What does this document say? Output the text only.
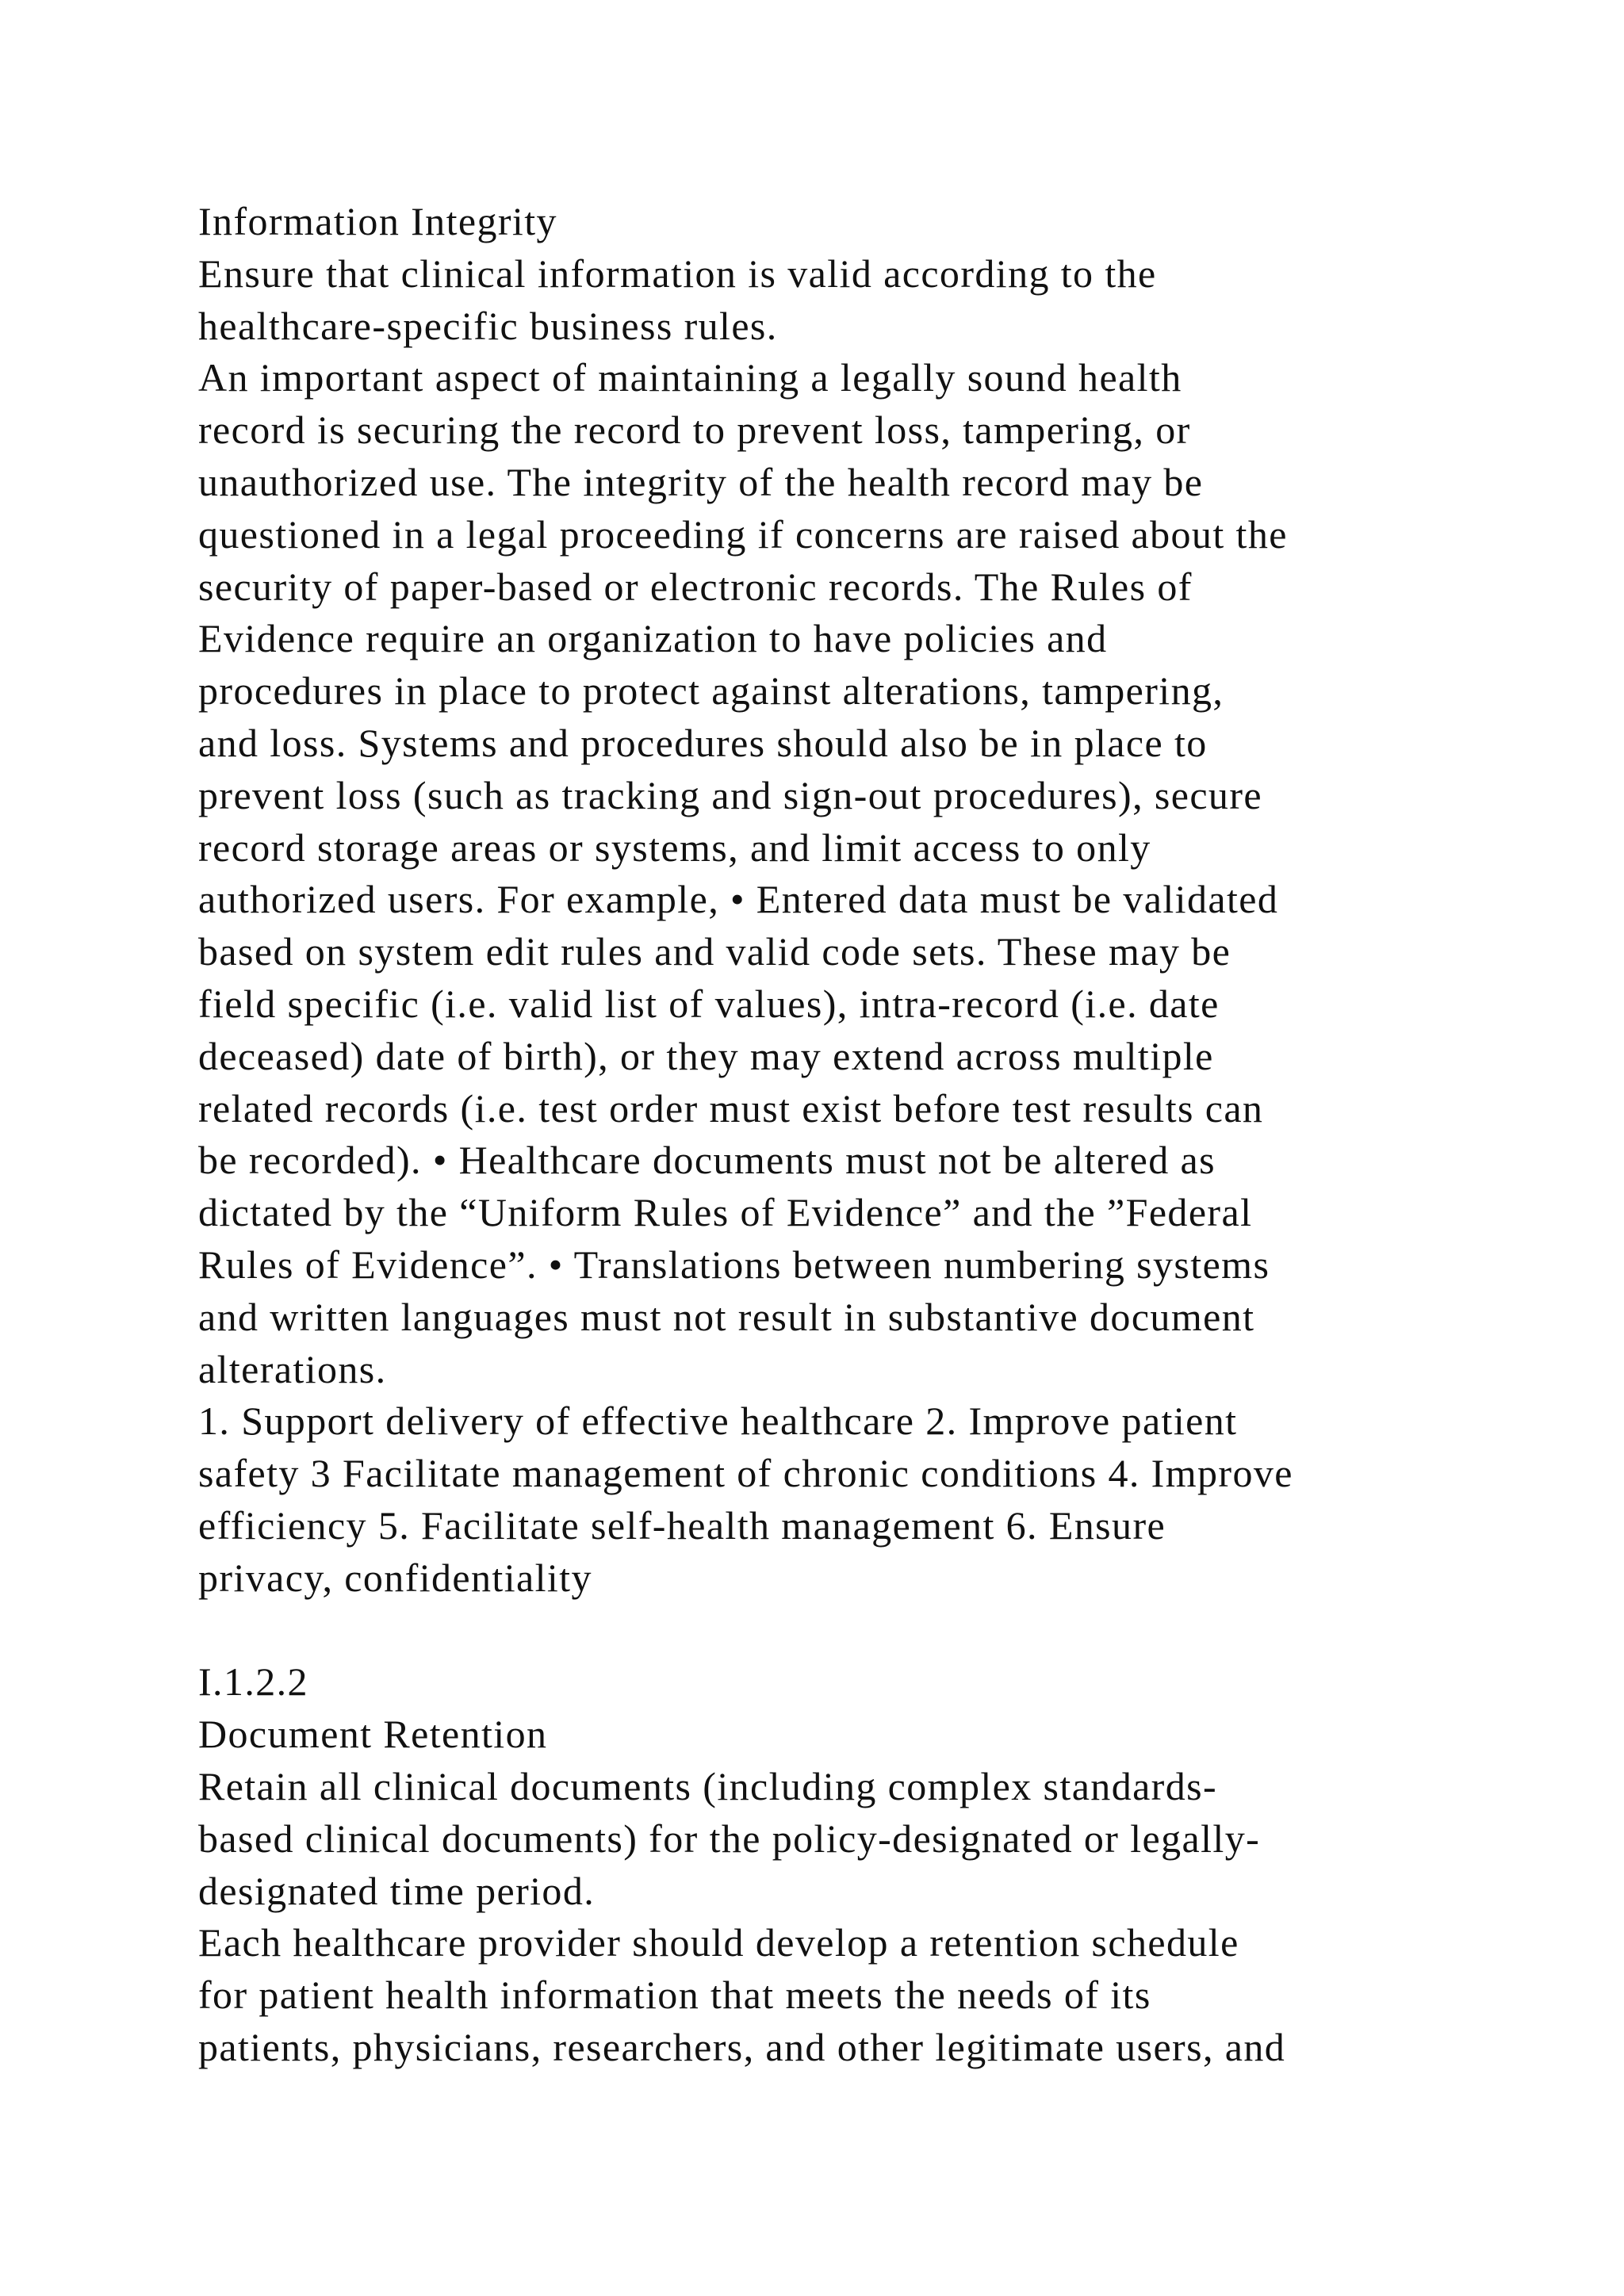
Information Integrity
Ensure that clinical information is valid according to the
healthcare-specific business rules.
An important aspect of maintaining a legally sound health
record is securing the record to prevent loss, tampering, or
unauthorized use. The integrity of the health record may be
questioned in a legal proceeding if concerns are raised about the
security of paper-based or electronic records. The Rules of
Evidence require an organization to have policies and
procedures in place to protect against alterations, tampering,
and loss. Systems and procedures should also be in place to
prevent loss (such as tracking and sign-out procedures), secure
record storage areas or systems, and limit access to only
authorized users. For example, • Entered data must be validated
based on system edit rules and valid code sets. These may be
field specific (i.e. valid list of values), intra-record (i.e. date
deceased) date of birth), or they may extend across multiple
related records (i.e. test order must exist before test results can
be recorded). • Healthcare documents must not be altered as
dictated by the “Uniform Rules of Evidence” and the ”Federal
Rules of Evidence”. • Translations between numbering systems
and written languages must not result in substantive document
alterations.
1. Support delivery of effective healthcare 2. Improve patient
safety 3 Facilitate management of chronic conditions 4. Improve
efficiency 5. Facilitate self-health management 6. Ensure
privacy, confidentiality
I.1.2.2
Document Retention
Retain all clinical documents (including complex standards-
based clinical documents) for the policy-designated or legally-
designated time period.
Each healthcare provider should develop a retention schedule
for patient health information that meets the needs of its
patients, physicians, researchers, and other legitimate users, and
